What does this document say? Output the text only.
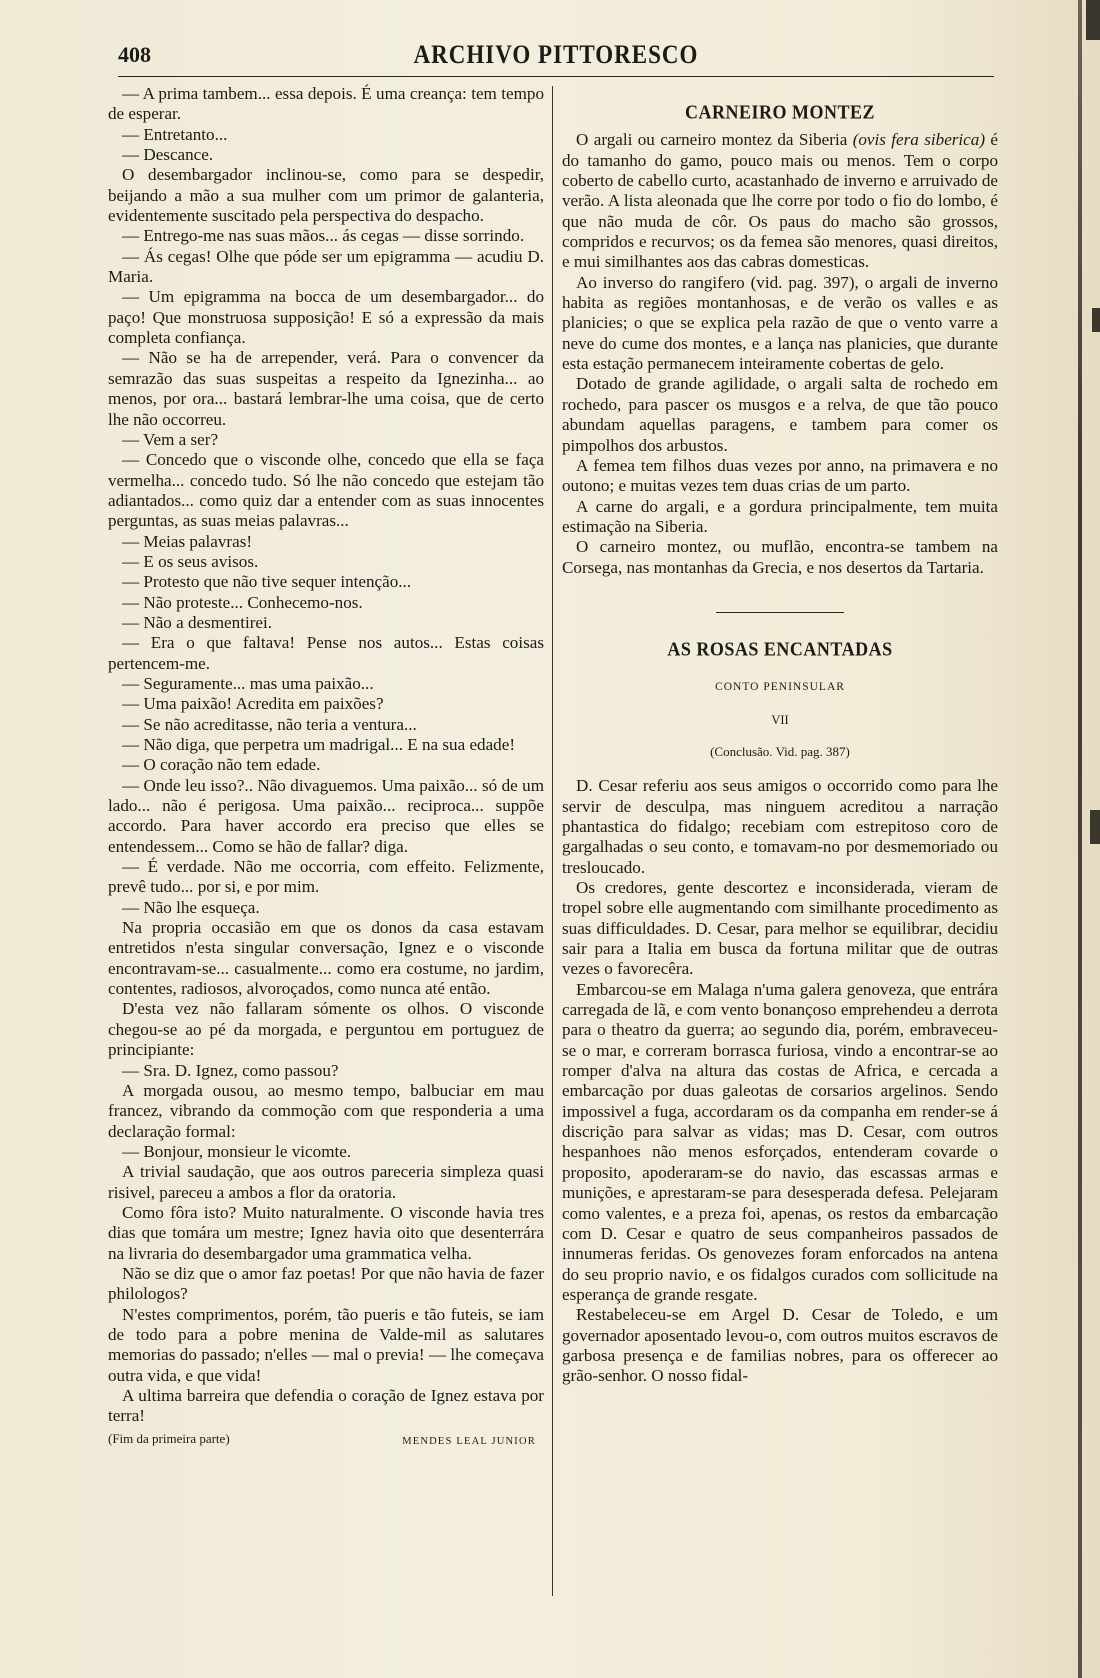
408	ARCHIVO PITTORESCO

— A prima tambem... essa depois. É uma creança: tem tempo de esperar.

— Entretanto...

— Descance.

O desembargador inclinou-se, como para se despedir, beijando a mão a sua mulher com um primor de galanteria, evidentemente suscitado pela perspectiva do despacho.

— Entrego-me nas suas mãos... ás cegas — disse sorrindo.

— Ás cegas! Olhe que póde ser um epigramma — acudiu D. Maria.

— Um epigramma na bocca de um desembargador... do paço! Que monstruosa supposição! E só a expressão da mais completa confiança.

— Não se ha de arrepender, verá. Para o convencer da semrazão das suas suspeitas a respeito da Ignezinha... ao menos, por ora... bastará lembrar-lhe uma coisa, que de certo lhe não occorreu.

— Vem a ser?

— Concedo que o visconde olhe, concedo que ella se faça vermelha... concedo tudo. Só lhe não concedo que estejam tão adiantados... como quiz dar a entender com as suas innocentes perguntas, as suas meias palavras...

— Meias palavras!

— E os seus avisos.

— Protesto que não tive sequer intenção...

— Não proteste... Conhecemo-nos.

— Não a desmentirei.

— Era o que faltava! Pense nos autos... Estas coisas pertencem-me.

— Seguramente... mas uma paixão...

— Uma paixão! Acredita em paixões?

— Se não acreditasse, não teria a ventura...

— Não diga, que perpetra um madrigal... E na sua edade!

— O coração não tem edade.

— Onde leu isso?.. Não divaguemos. Uma paixão... só de um lado... não é perigosa. Uma paixão... reciproca... suppõe accordo. Para haver accordo era preciso que elles se entendessem... Como se hão de fallar? diga.

— É verdade. Não me occorria, com effeito. Felizmente, prevê tudo... por si, e por mim.

— Não lhe esqueça.

Na propria occasião em que os donos da casa estavam entretidos n'esta singular conversação, Ignez e o visconde encontravam-se... casualmente... como era costume, no jardim, contentes, radiosos, alvoroçados, como nunca até então.

D'esta vez não fallaram sómente os olhos. O visconde chegou-se ao pé da morgada, e perguntou em portuguez de principiante:

— Sra. D. Ignez, como passou?

A morgada ousou, ao mesmo tempo, balbuciar em mau francez, vibrando da commoção com que responderia a uma declaração formal:

— Bonjour, monsieur le vicomte.

A trivial saudação, que aos outros pareceria simpleza quasi risivel, pareceu a ambos a flor da oratoria.

Como fôra isto? Muito naturalmente. O visconde havia tres dias que tomára um mestre; Ignez havia oito que desenterrára na livraria do desembargador uma grammatica velha.

Não se diz que o amor faz poetas! Por que não havia de fazer philologos?

N'estes comprimentos, porém, tão pueris e tão futeis, se iam de todo para a pobre menina de Valde-mil as salutares memorias do passado; n'elles — mal o previa! — lhe começava outra vida, e que vida!

A ultima barreira que defendia o coração de Ignez estava por terra!

(Fim da primeira parte)	MENDES LEAL JUNIOR
CARNEIRO MONTEZ

O argali ou carneiro montez da Siberia (ovis fera siberica) é do tamanho do gamo, pouco mais ou menos. Tem o corpo coberto de cabello curto, acastanhado de inverno e arruivado de verão. A lista aleonada que lhe corre por todo o fio do lombo, é que não muda de côr. Os paus do macho são grossos, compridos e recurvos; os da femea são menores, quasi direitos, e mui similhantes aos das cabras domesticas.

Ao inverso do rangifero (vid. pag. 397), o argali de inverno habita as regiões montanhosas, e de verão os valles e as planicies; o que se explica pela razão de que o vento varre a neve do cume dos montes, e a lança nas planicies, que durante esta estação permanecem inteiramente cobertas de gelo.

Dotado de grande agilidade, o argali salta de rochedo em rochedo, para pascer os musgos e a relva, de que tão pouco abundam aquellas paragens, e tambem para comer os pimpolhos dos arbustos.

A femea tem filhos duas vezes por anno, na primavera e no outono; e muitas vezes tem duas crias de um parto.

A carne do argali, e a gordura principalmente, tem muita estimação na Siberia.

O carneiro montez, ou muflão, encontra-se tambem na Corsega, nas montanhas da Grecia, e nos desertos da Tartaria.

AS ROSAS ENCANTADAS
CONTO PENINSULAR
VII
(Conclusão. Vid. pag. 387)

D. Cesar referiu aos seus amigos o occorrido como para lhe servir de desculpa, mas ninguem acreditou a narração phantastica do fidalgo; recebiam com estrepitoso coro de gargalhadas o seu conto, e tomavam-no por desmemoriado ou tresloucado.

Os credores, gente descortez e inconsiderada, vieram de tropel sobre elle augmentando com similhante procedimento as suas difficuldades. D. Cesar, para melhor se equilibrar, decidiu sair para a Italia em busca da fortuna militar que de outras vezes o favorecêra.

Embarcou-se em Malaga n'uma galera genoveza, que entrára carregada de lã, e com vento bonançoso emprehendeu a derrota para o theatro da guerra; ao segundo dia, porém, embraveceu-se o mar, e correram borrasca furiosa, vindo a encontrar-se ao romper d'alva na altura das costas de Africa, e cercada a embarcação por duas galeotas de corsarios argelinos. Sendo impossivel a fuga, accordaram os da companha em render-se á discrição para salvar as vidas; mas D. Cesar, com outros hespanhoes não menos esforçados, entenderam covarde o proposito, apoderaram-se do navio, das escassas armas e munições, e aprestaram-se para desesperada defesa. Pelejaram como valentes, e a preza foi, apenas, os restos da embarcação com D. Cesar e quatro de seus companheiros passados de innumeras feridas. Os genovezes foram enforcados na antena do seu proprio navio, e os fidalgos curados com sollicitude na esperança de grande resgate.

Restabeleceu-se em Argel D. Cesar de Toledo, e um governador aposentado levou-o, com outros muitos escravos de garbosa presença e de familias nobres, para os offerecer ao grão-senhor. O nosso fidal-
